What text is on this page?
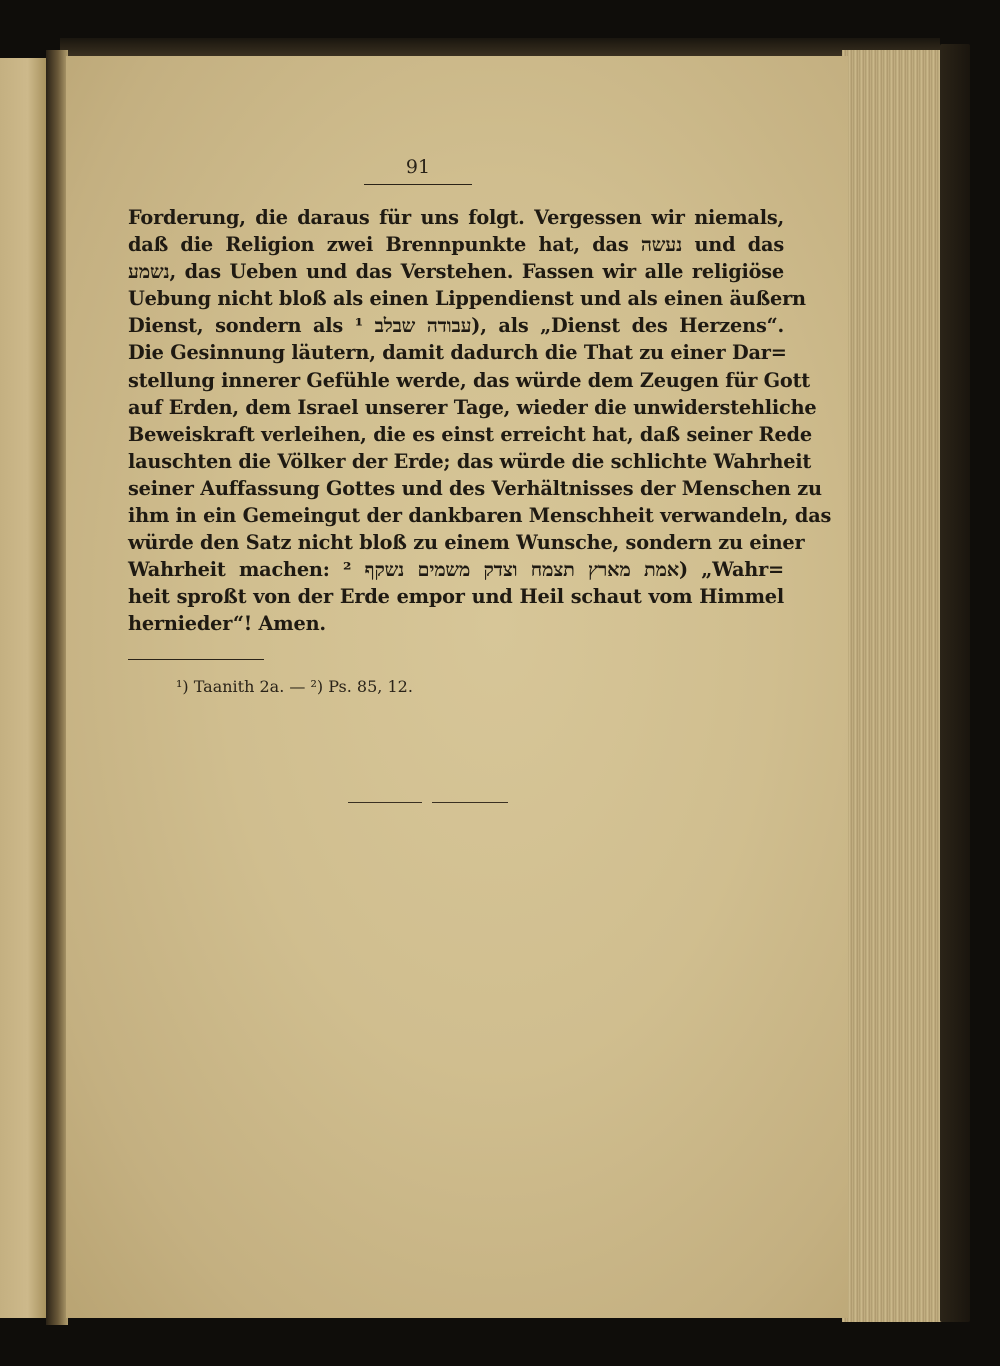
91
Forderung, die daraus für uns folgt. Vergessen wir niemals,
daß die Religion zwei Brennpunkte hat, das נעשה und das
נשמע, das Ueben und das Verstehen. Fassen wir alle religiöse
Uebung nicht bloß als einen Lippendienst und als einen äußern
Dienst, sondern als עבודה שבלב ¹), als „Dienst des Herzens“.
Die Gesinnung läutern, damit dadurch die That zu einer Dar=
stellung innerer Gefühle werde, das würde dem Zeugen für Gott
auf Erden, dem Israel unserer Tage, wieder die unwiderstehliche
Beweiskraft verleihen, die es einst erreicht hat, daß seiner Rede
lauschten die Völker der Erde; das würde die schlichte Wahrheit
seiner Auffassung Gottes und des Verhältnisses der Menschen zu
ihm in ein Gemeingut der dankbaren Menschheit verwandeln, das
würde den Satz nicht bloß zu einem Wunsche, sondern zu einer
Wahrheit machen: אמת מארץ תצמח וצדק משמים נשקף ²) „Wahr=
heit sproßt von der Erde empor und Heil schaut vom Himmel
hernieder“! Amen.
¹) Taanith 2a. — ²) Ps. 85, 12.
